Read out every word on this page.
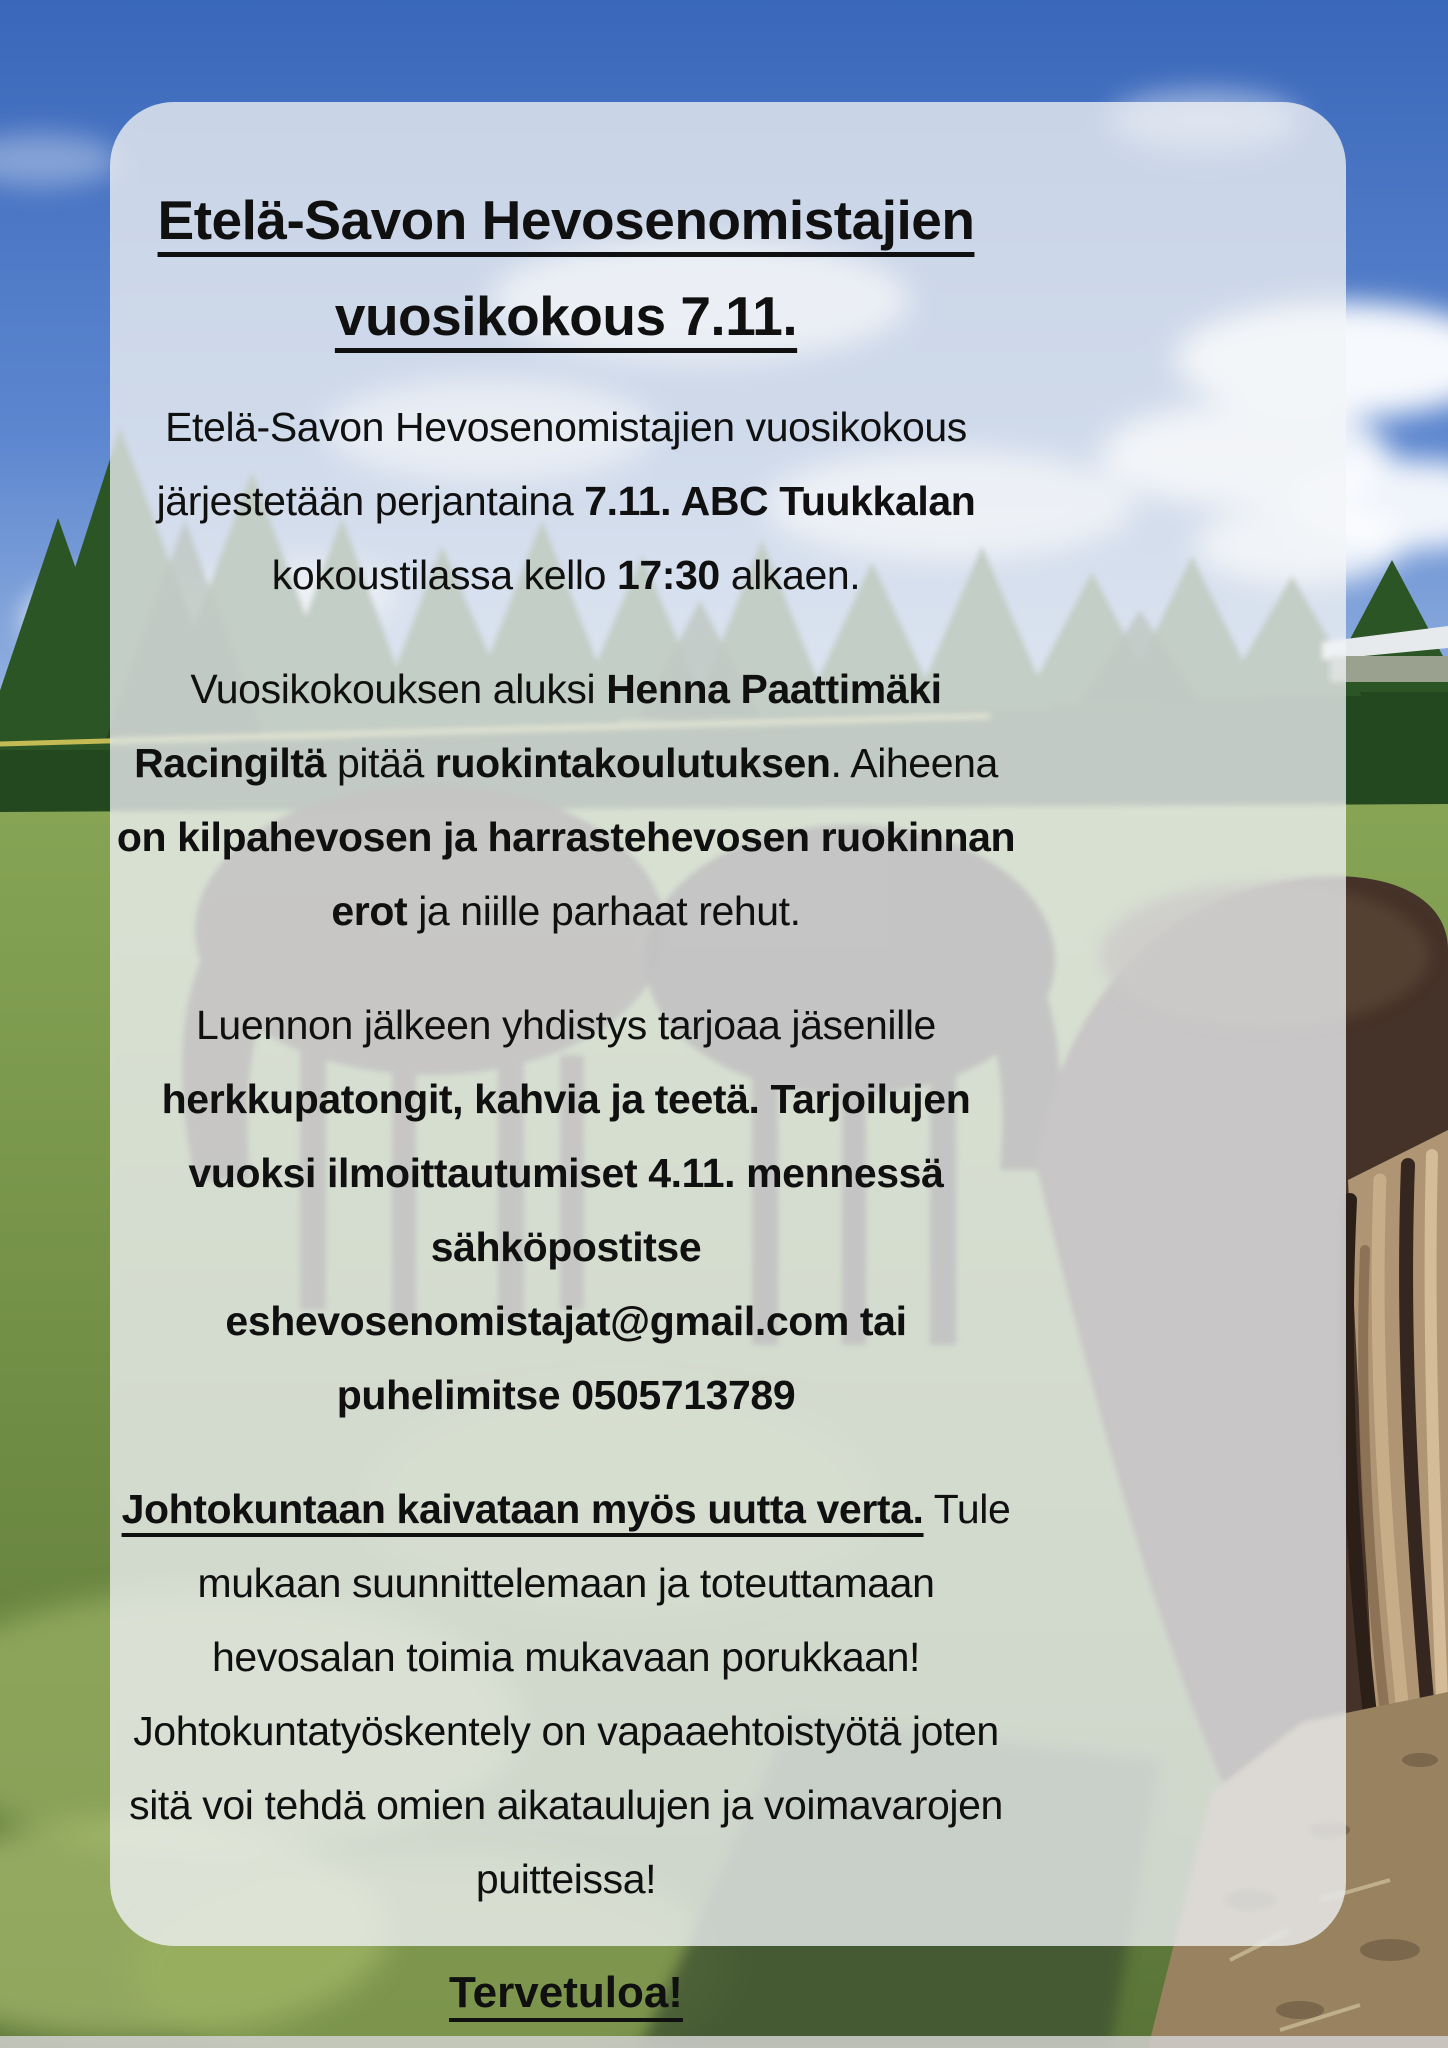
Etelä-Savon Hevosenomistajien vuosikokous 7.11.

Etelä-Savon Hevosenomistajien vuosikokous järjestetään perjantaina 7.11. ABC Tuukkalan kokoustilassa kello 17:30 alkaen.

Vuosikokouksen aluksi Henna Paattimäki Racingiltä pitää ruokintakoulutuksen. Aiheena on kilpahevosen ja harrastehevosen ruokinnan erot ja niille parhaat rehut.

Luennon jälkeen yhdistys tarjoaa jäsenille herkkupatongit, kahvia ja teetä. Tarjoilujen vuoksi ilmoittautumiset 4.11. mennessä sähköpostitse eshevosenomistajat@gmail.com tai puhelimitse 0505713789

Johtokuntaan kaivataan myös uutta verta. Tule mukaan suunnittelemaan ja toteuttamaan hevosalan toimia mukavaan porukkaan! Johtokuntatyöskentely on vapaaehtoistyötä joten sitä voi tehdä omien aikataulujen ja voimavarojen puitteissa!

Tervetuloa!
